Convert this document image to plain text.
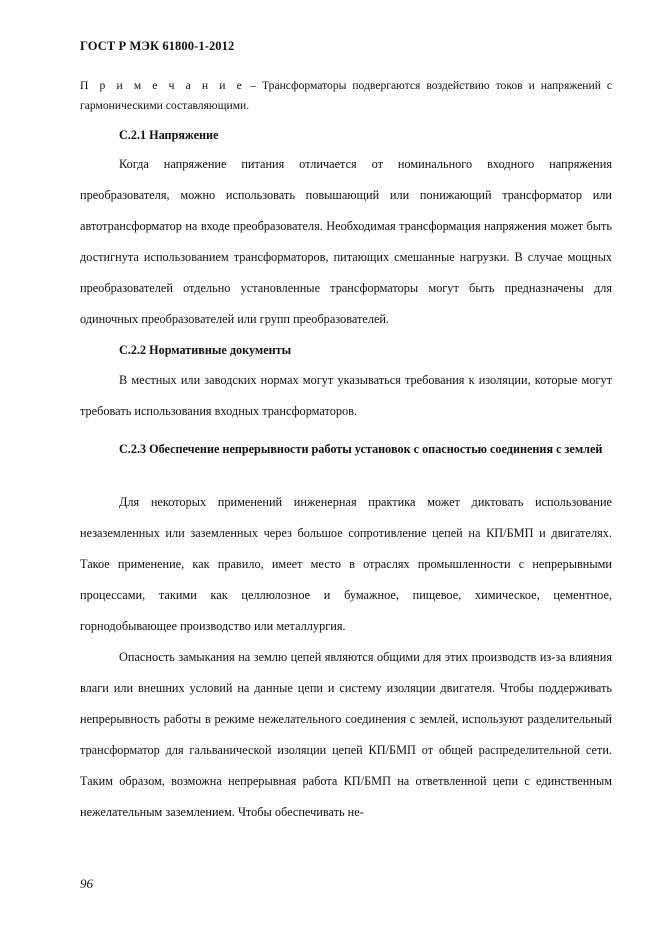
ГОСТ Р МЭК 61800-1-2012
П р и м е ч а н и е – Трансформаторы подвергаются воздействию токов и напряжений с гармоническими составляющими.
С.2.1 Напряжение
Когда напряжение питания отличается от номинального входного напряжения преобразователя, можно использовать повышающий или понижающий трансформатор или автотрансформатор на входе преобразователя. Необходимая трансформация напряжения может быть достигнута использованием трансформаторов, питающих смешанные нагрузки. В случае мощных преобразователей отдельно установленные трансформаторы могут быть предназначены для одиночных преобразователей или групп преобразователей.
С.2.2 Нормативные документы
В местных или заводских нормах могут указываться требования к изоляции, которые могут требовать использования входных трансформаторов.
С.2.3 Обеспечение непрерывности работы установок с опасностью соединения с землей
Для некоторых применений инженерная практика может диктовать использование незаземленных или заземленных через большое сопротивление цепей на КП/БМП и двигателях. Такое применение, как правило, имеет место в отраслях промышленности с непрерывными процессами, такими как целлюлозное и бумажное, пищевое, химическое, цементное, горнодобывающее производство или металлургия.
Опасность замыкания на землю цепей являются общими для этих производств из-за влияния влаги или внешних условий на данные цепи и систему изоляции двигателя. Чтобы поддерживать непрерывность работы в режиме нежелательного соединения с землей, используют разделительный трансформатор для гальванической изоляции цепей КП/БМП от общей распределительной сети. Таким образом, возможна непрерывная работа КП/БМП на ответвленной цепи с единственным нежелательным заземлением. Чтобы обеспечивать не-
96
